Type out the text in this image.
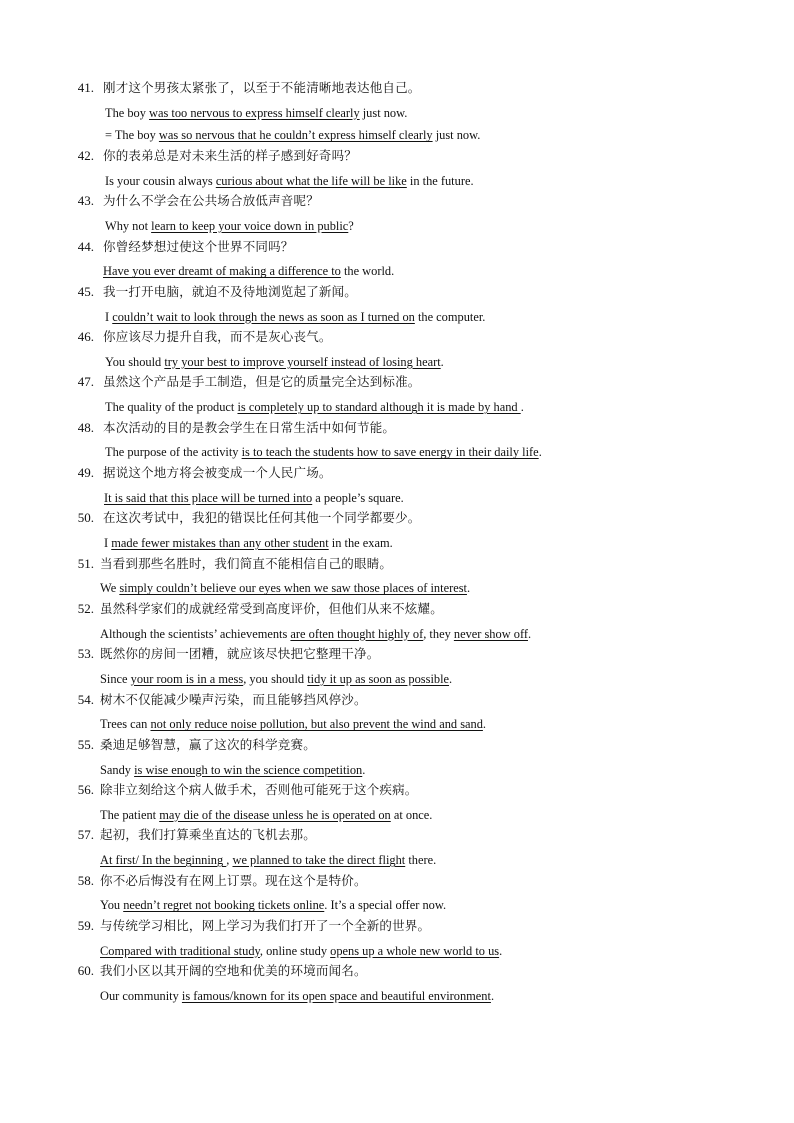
41. 刚才这个男孩太紧张了，以至于不能清晰地表达他自己。
The boy was too nervous to express himself clearly just now.
= The boy was so nervous that he couldn’t express himself clearly just now.
42. 你的表弟总是对未来生活的样子感到好奇吗？
Is your cousin always curious about what the life will be like in the future.
43. 为什么不学会在公共场合放低声音呢？
Why not learn to keep your voice down in public?
44. 你曾经梦想过使这个世界不同吗？
Have you ever dreamt of making a difference to the world.
45. 我一打开电脑，就迫不及待地浏览起了新闻。
I couldn’t wait to look through the news as soon as I turned on the computer.
46. 你应该尽力提升自我，而不是灰心丧气。
You should try your best to improve yourself instead of losing heart.
47. 虽然这个产品是手工制造，但是它的质量完全达到标准。
The quality of the product is completely up to standard although it is made by hand .
48. 本次活动的目的是教会学生在日常生活中如何节能。
The purpose of the activity is to teach the students how to save energy in their daily life.
49. 据说这个地方将会被变成一个人民广场。
It is said that this place will be turned into a people’s square.
50. 在这次考试中，我犯的错误比任何其他一个同学都要少。
I made fewer mistakes than any other student in the exam.
51. 当看到那些名胜时，我们简直不能相信自己的眼睛。
We simply couldn’t believe our eyes when we saw those places of interest.
52. 虽然科学家们的成就经常受到高度评价，但他们从来不炫耀。
Although the scientists’ achievements are often thought highly of, they never show off.
53. 既然你的房间一团糟，就应该尽快把它整理干净。
Since your room is in a mess, you should tidy it up as soon as possible.
54. 树木不仅能减少噪声污染，而且能够挡风停沙。
Trees can not only reduce noise pollution, but also prevent the wind and sand.
55. 桑迪足够智慧，赢了这次的科学竞赛。
Sandy is wise enough to win the science competition.
56. 除非立刻给这个病人做手术，否则他可能死于这个疾病。
The patient may die of the disease unless he is operated on at once.
57. 起初，我们打算乘坐直达的飞机去那。
At first/ In the beginning , we planned to take the direct flight there.
58. 你不必后悔没有在网上订票。现在这个是特价。
You needn’t regret not booking tickets online. It’s a special offer now.
59. 与传统学习相比，网上学习为我们打开了一个全新的世界。
Compared with traditional study, online study opens up a whole new world to us.
60. 我们小区以其开阔的空地和优美的环境而闻名。
Our community is famous/known for its open space and beautiful environment.
